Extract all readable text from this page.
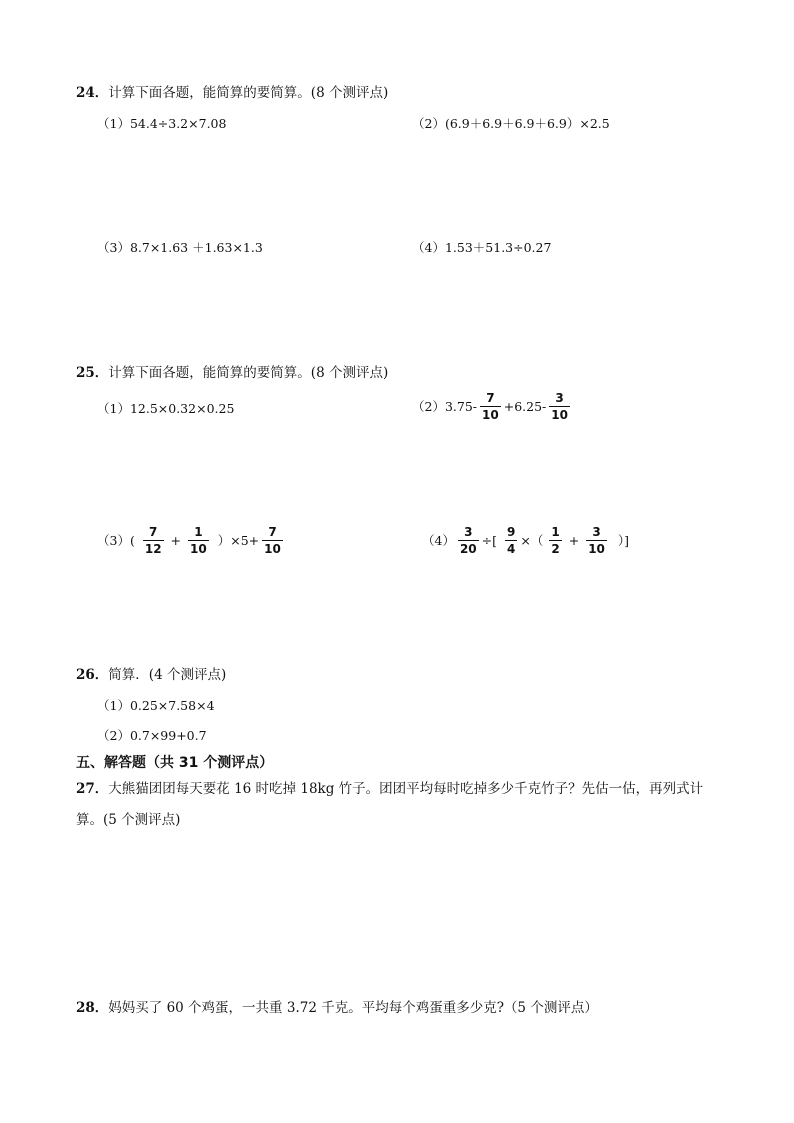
24．计算下面各题，能简算的要简算。(8 个测评点)
（1）54.4÷3.2×7.08	（2）(6.9＋6.9＋6.9＋6.9）×2.5
（3）8.7×1.63 ＋1.63×1.3	（4）1.53＋51.3÷0.27
25．计算下面各题，能简算的要简算。(8 个测评点)
（1）12.5×0.32×0.25	$(2)3.75- \frac{7}{10} +6.25- \frac{3}{10}$
$(3)( \frac{7}{12} + \frac{1}{10} )\times 5+ \frac{7}{10}$	$(4) \frac{3}{20}$ ÷[ $\frac{9}{4}$ ×（ $\frac{1}{2} + \frac{3}{10}$ ）]
26．简算．(4 个测评点)
（1）0.25×7.58×4
（2）0.7×99+0.7
五、解答题（共 31 个测评点）
27．大熊猫团团每天要花 16 时吃掉 18kg 竹子。团团平均每时吃掉多少千克竹子？先估一估，再列式计
算。(5 个测评点)
28．妈妈买了 60 个鸡蛋，一共重 3.72 千克。平均每个鸡蛋重多少克?（5 个测评点）
